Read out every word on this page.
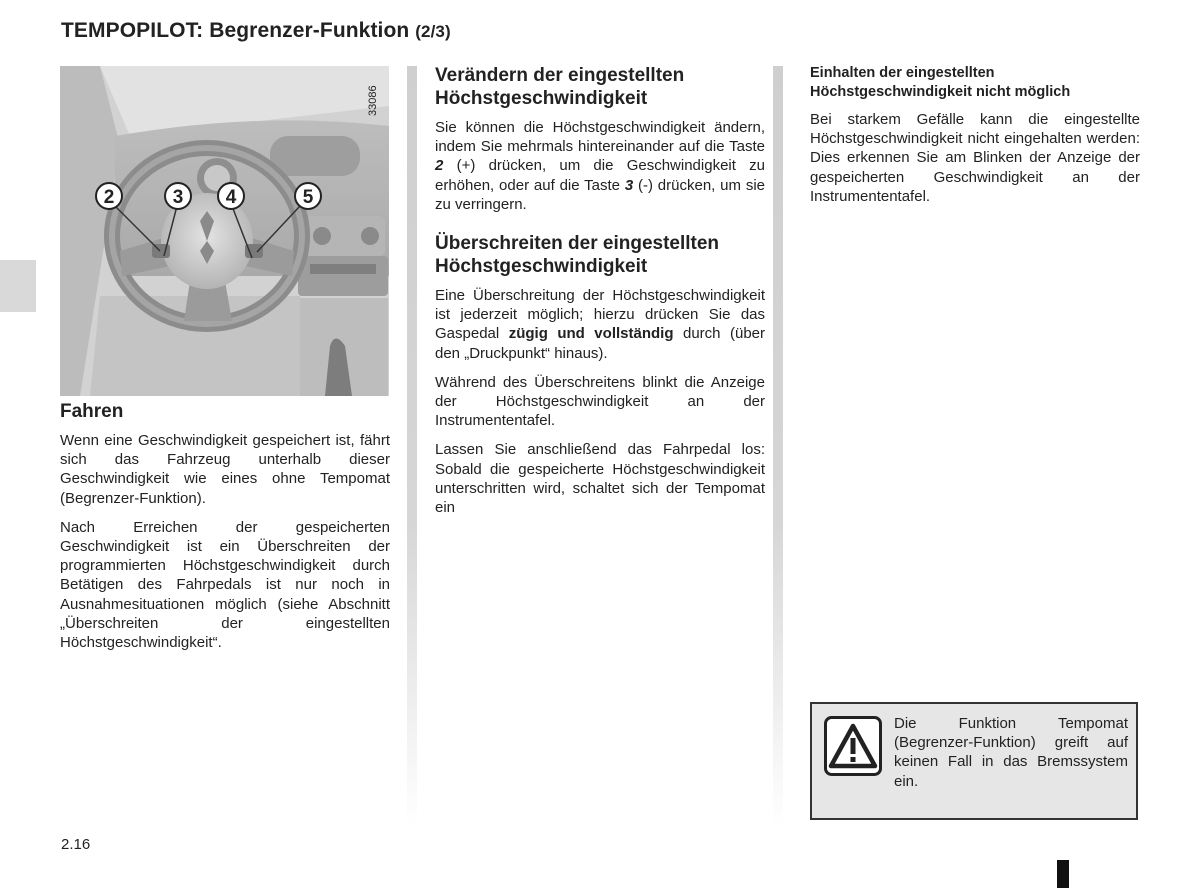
TEMPOPILOT: Begrenzer-Funktion (2/3)
2	3 4	5
33086
Fahren

Wenn eine Geschwindigkeit gespeichert ist, fährt sich das Fahrzeug unterhalb dieser Geschwindigkeit wie eines ohne Tempomat (Begrenzer-Funktion).

Nach Erreichen der gespeicherten Geschwindigkeit ist ein Überschreiten der programmierten Höchstgeschwindigkeit durch Betätigen des Fahrpedals ist nur noch in Ausnahmesituationen möglich (siehe Abschnitt „Überschreiten der eingestellten Höchstgeschwindigkeit“.

Verändern der eingestellten Höchstgeschwindigkeit

Sie können die Höchstgeschwindigkeit ändern, indem Sie mehrmals hintereinander auf die Taste 2 (+) drücken, um die Geschwindigkeit zu erhöhen, oder auf die Taste 3 (-) drücken, um sie zu verringern.

Überschreiten der eingestellten Höchstgeschwindigkeit

Eine Überschreitung der Höchstgeschwindigkeit ist jederzeit möglich; hierzu drücken Sie das Gaspedal zügig und vollständig durch (über den „Druckpunkt“ hinaus).

Während des Überschreitens blinkt die Anzeige der Höchstgeschwindigkeit an der Instrumententafel.

Lassen Sie anschließend das Fahrpedal los: Sobald die gespeicherte Höchstgeschwindigkeit unterschritten wird, schaltet sich der Tempomat ein

Einhalten der eingestellten Höchstgeschwindigkeit nicht möglich

Bei starkem Gefälle kann die eingestellte Höchstgeschwindigkeit nicht eingehalten werden: Dies erkennen Sie am Blinken der Anzeige der gespeicherten Geschwindigkeit an der Instrumententafel.

Die Funktion Tempomat (Begrenzer-Funktion) greift auf keinen Fall in das Bremssystem ein.
2.16
